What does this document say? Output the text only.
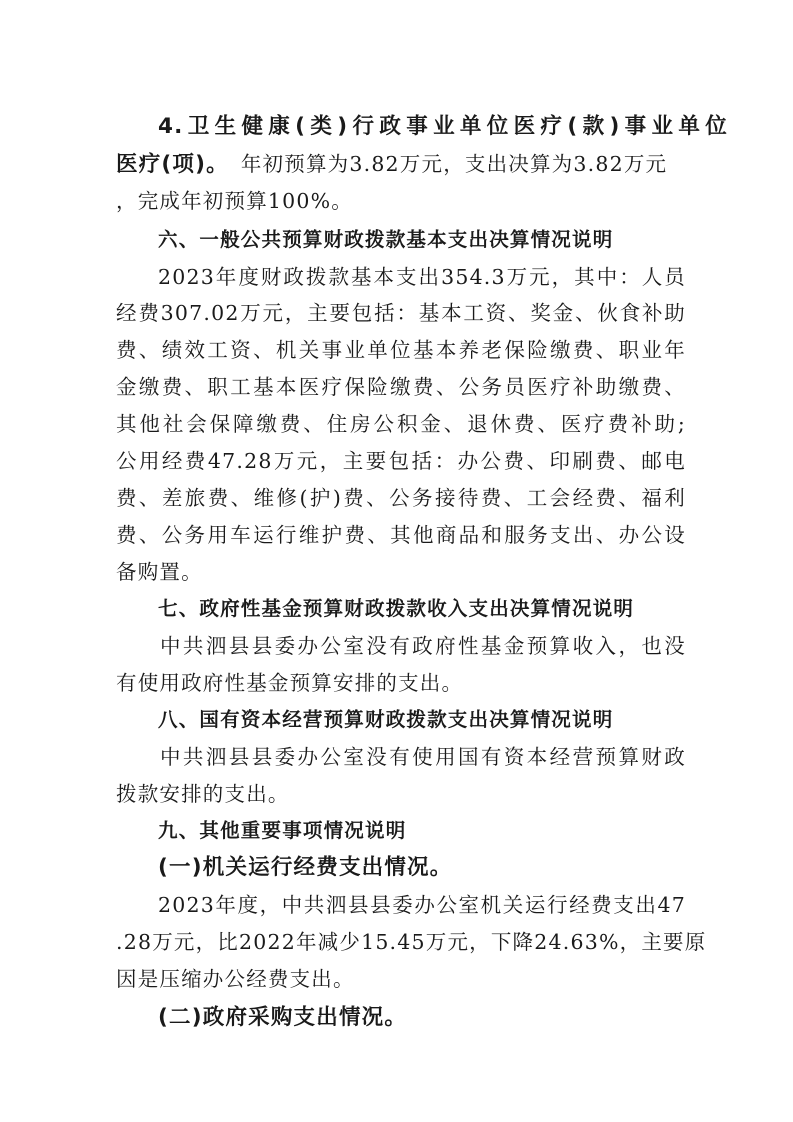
4.卫生健康(类)行政事业单位医疗(款)事业单位
医疗(项)。 年初预算为3.82万元，支出决算为3.82万元
，完成年初预算100%。
六、一般公共预算财政拨款基本支出决算情况说明
2023年度财政拨款基本支出354.3万元，其中：人员
经费307.02万元，主要包括：基本工资、奖金、伙食补助
费、绩效工资、机关事业单位基本养老保险缴费、职业年
金缴费、职工基本医疗保险缴费、公务员医疗补助缴费、
其他社会保障缴费、住房公积金、退休费、医疗费补助;
公用经费47.28万元，主要包括：办公费、印刷费、邮电
费、差旅费、维修(护)费、公务接待费、工会经费、福利
费、公务用车运行维护费、其他商品和服务支出、办公设
备购置。
七、政府性基金预算财政拨款收入支出决算情况说明
中共泗县县委办公室没有政府性基金预算收入，也没
有使用政府性基金预算安排的支出。
八、国有资本经营预算财政拨款支出决算情况说明
中共泗县县委办公室没有使用国有资本经营预算财政
拨款安排的支出。
九、其他重要事项情况说明
(一)机关运行经费支出情况。
2023年度，中共泗县县委办公室机关运行经费支出47
.28万元，比2022年减少15.45万元，下降24.63%，主要原
因是压缩办公经费支出。
(二)政府采购支出情况。
